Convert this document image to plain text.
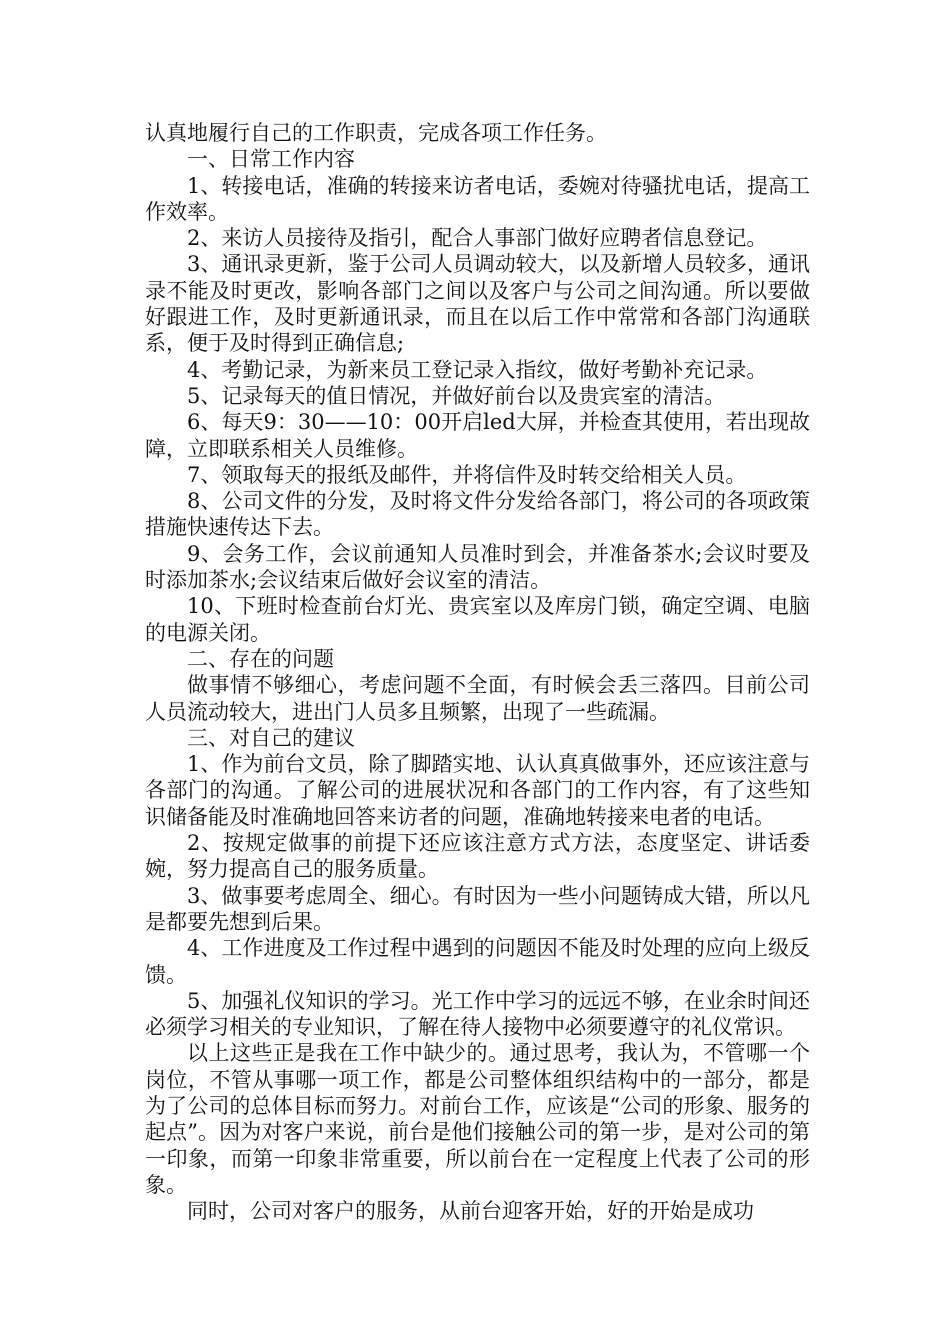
认真地履行自己的工作职责，完成各项工作任务。

一、日常工作内容

1、转接电话，准确的转接来访者电话，委婉对待骚扰电话，提高工作效率。

2、来访人员接待及指引，配合人事部门做好应聘者信息登记。

3、通讯录更新，鉴于公司人员调动较大，以及新增人员较多，通讯录不能及时更改，影响各部门之间以及客户与公司之间沟通。所以要做好跟进工作，及时更新通讯录，而且在以后工作中常常和各部门沟通联系，便于及时得到正确信息;

4、考勤记录，为新来员工登记录入指纹，做好考勤补充记录。

5、记录每天的值日情况，并做好前台以及贵宾室的清洁。

6、每天9：30——10：00开启led大屏，并检查其使用，若出现故障，立即联系相关人员维修。

7、领取每天的报纸及邮件，并将信件及时转交给相关人员。

8、公司文件的分发，及时将文件分发给各部门，将公司的各项政策措施快速传达下去。

9、会务工作，会议前通知人员准时到会，并准备茶水;会议时要及时添加茶水;会议结束后做好会议室的清洁。

10、下班时检查前台灯光、贵宾室以及库房门锁，确定空调、电脑的电源关闭。

二、存在的问题

做事情不够细心，考虑问题不全面，有时候会丢三落四。目前公司人员流动较大，进出门人员多且频繁，出现了一些疏漏。

三、对自己的建议

1、作为前台文员，除了脚踏实地、认认真真做事外，还应该注意与各部门的沟通。了解公司的进展状况和各部门的工作内容，有了这些知识储备能及时准确地回答来访者的问题，准确地转接来电者的电话。

2、按规定做事的前提下还应该注意方式方法，态度坚定、讲话委婉，努力提高自己的服务质量。

3、做事要考虑周全、细心。有时因为一些小问题铸成大错，所以凡是都要先想到后果。

4、工作进度及工作过程中遇到的问题因不能及时处理的应向上级反馈。

5、加强礼仪知识的学习。光工作中学习的远远不够，在业余时间还必须学习相关的专业知识，了解在待人接物中必须要遵守的礼仪常识。

以上这些正是我在工作中缺少的。通过思考，我认为，不管哪一个岗位，不管从事哪一项工作，都是公司整体组织结构中的一部分，都是为了公司的总体目标而努力。对前台工作，应该是“公司的形象、服务的起点”。因为对客户来说，前台是他们接触公司的第一步，是对公司的第一印象，而第一印象非常重要，所以前台在一定程度上代表了公司的形象。

同时，公司对客户的服务，从前台迎客开始，好的开始是成功
